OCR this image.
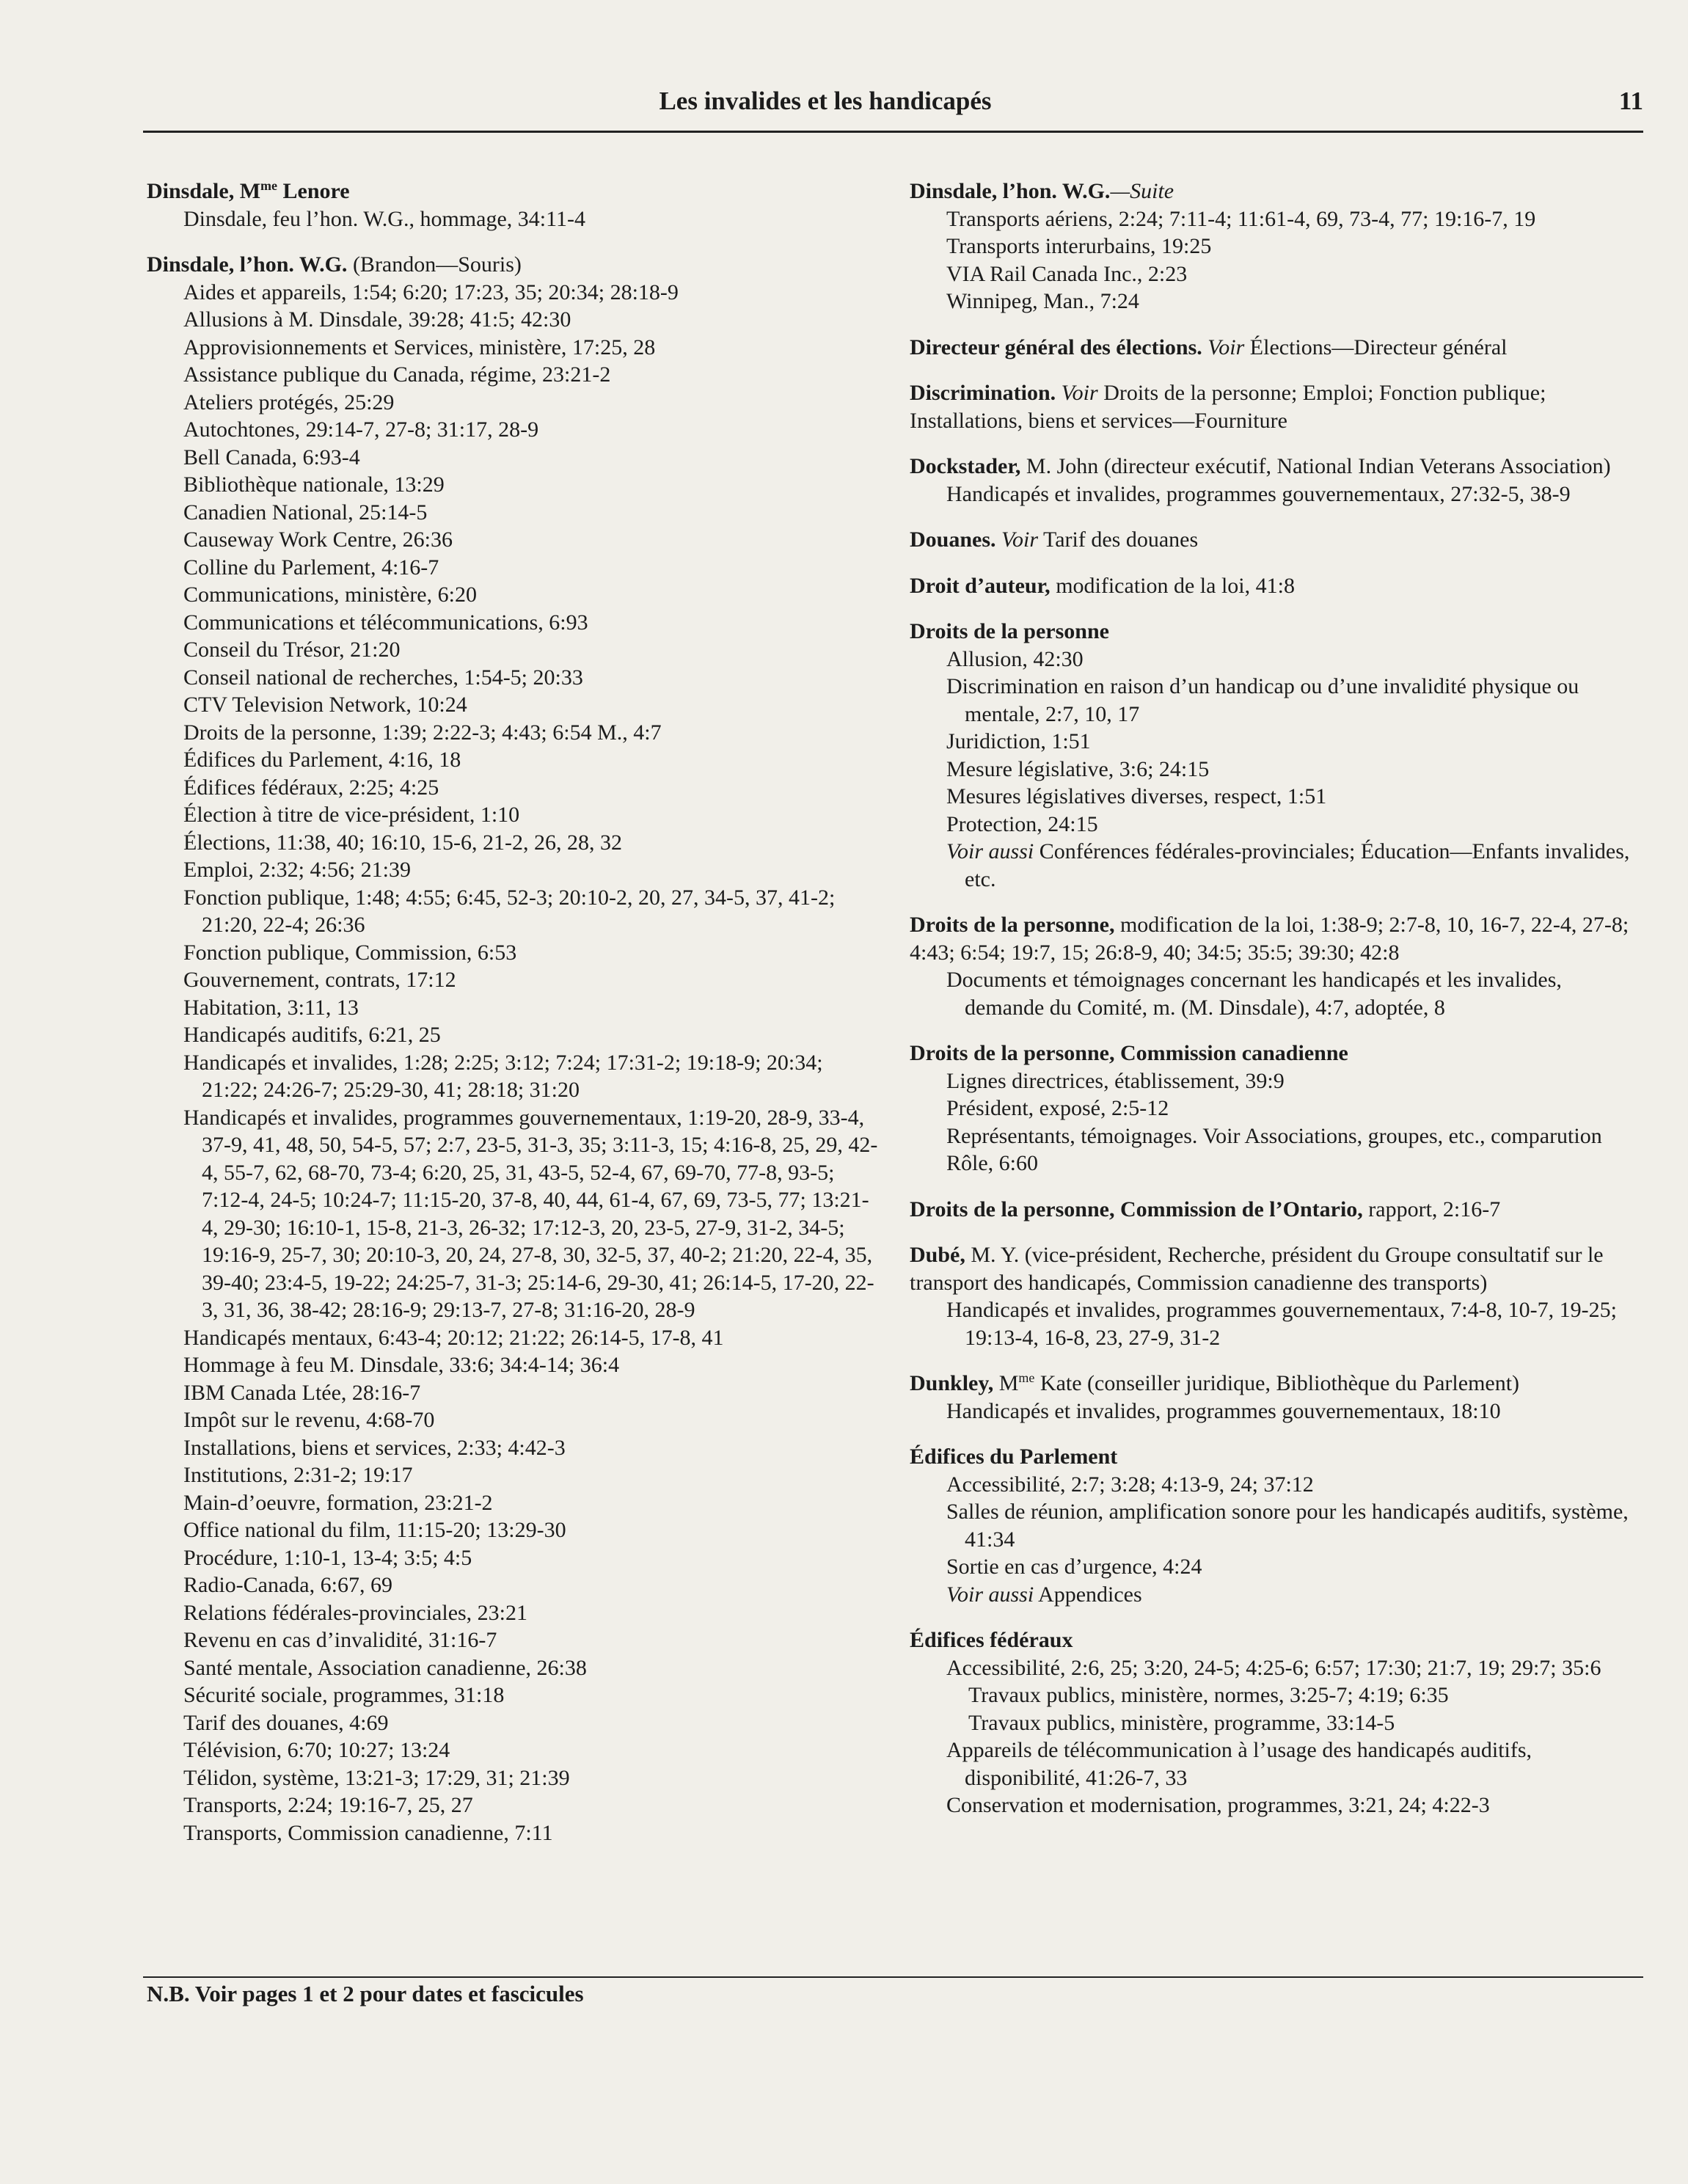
Les invalides et les handicapés	11
Dinsdale, $M^{me}$ Lenore
Dinsdale, feu l’hon. W.G., hommage, 34:11-4
Dinsdale, l’hon. W.G. (Brandon—Souris)
Aides et appareils, 1:54; 6:20; 17:23, 35; 20:34; 28:18-9
Allusions à M. Dinsdale, 39:28; 41:5; 42:30
Approvisionnements et Services, ministère, 17:25, 28
Assistance publique du Canada, régime, 23:21-2
Ateliers protégés, 25:29
Autochtones, 29:14-7, 27-8; 31:17, 28-9
Bell Canada, 6:93-4
Bibliothèque nationale, 13:29
Canadien National, 25:14-5
Causeway Work Centre, 26:36
Colline du Parlement, 4:16-7
Communications, ministère, 6:20
Communications et télécommunications, 6:93
Conseil du Trésor, 21:20
Conseil national de recherches, 1:54-5; 20:33
CTV Television Network, 10:24
Droits de la personne, 1:39; 2:22-3; 4:43; 6:54 M., 4:7
Édifices du Parlement, 4:16, 18
Édifices fédéraux, 2:25; 4:25
Élection à titre de vice-président, 1:10
Élections, 11:38, 40; 16:10, 15-6, 21-2, 26, 28, 32
Emploi, 2:32; 4:56; 21:39
Fonction publique, 1:48; 4:55; 6:45, 52-3; 20:10-2, 20, 27, 34-5, 37, 41-2; 21:20, 22-4; 26:36
Fonction publique, Commission, 6:53
Gouvernement, contrats, 17:12
Habitation, 3:11, 13
Handicapés auditifs, 6:21, 25
Handicapés et invalides, 1:28; 2:25; 3:12; 7:24; 17:31-2; 19:18-9; 20:34; 21:22; 24:26-7; 25:29-30, 41; 28:18; 31:20
Handicapés et invalides, programmes gouvernementaux, 1:19-20, 28-9, 33-4, 37-9, 41, 48, 50, 54-5, 57; 2:7, 23-5, 31-3, 35; 3:11-3, 15; 4:16-8, 25, 29, 42-4, 55-7, 62, 68-70, 73-4; 6:20, 25, 31, 43-5, 52-4, 67, 69-70, 77-8, 93-5; 7:12-4, 24-5; 10:24-7; 11:15-20, 37-8, 40, 44, 61-4, 67, 69, 73-5, 77; 13:21-4, 29-30; 16:10-1, 15-8, 21-3, 26-32; 17:12-3, 20, 23-5, 27-9, 31-2, 34-5; 19:16-9, 25-7, 30; 20:10-3, 20, 24, 27-8, 30, 32-5, 37, 40-2; 21:20, 22-4, 35, 39-40; 23:4-5, 19-22; 24:25-7, 31-3; 25:14-6, 29-30, 41; 26:14-5, 17-20, 22-3, 31, 36, 38-42; 28:16-9; 29:13-7, 27-8; 31:16-20, 28-9
Handicapés mentaux, 6:43-4; 20:12; 21:22; 26:14-5, 17-8, 41
Hommage à feu M. Dinsdale, 33:6; 34:4-14; 36:4
IBM Canada Ltée, 28:16-7
Impôt sur le revenu, 4:68-70
Installations, biens et services, 2:33; 4:42-3
Institutions, 2:31-2; 19:17
Main-d’oeuvre, formation, 23:21-2
Office national du film, 11:15-20; 13:29-30
Procédure, 1:10-1, 13-4; 3:5; 4:5
Radio-Canada, 6:67, 69
Relations fédérales-provinciales, 23:21
Revenu en cas d’invalidité, 31:16-7
Santé mentale, Association canadienne, 26:38
Sécurité sociale, programmes, 31:18
Tarif des douanes, 4:69
Télévision, 6:70; 10:27; 13:24
Télidon, système, 13:21-3; 17:29, 31; 21:39
Transports, 2:24; 19:16-7, 25, 27
Transports, Commission canadienne, 7:11
Dinsdale, l’hon. W.G.—Suite
Transports aériens, 2:24; 7:11-4; 11:61-4, 69, 73-4, 77; 19:16-7, 19
Transports interurbains, 19:25
VIA Rail Canada Inc., 2:23
Winnipeg, Man., 7:24
Directeur général des élections. Voir Élections—Directeur général
Discrimination. Voir Droits de la personne; Emploi; Fonction publique; Installations, biens et services—Fourniture
Dockstader, M. John (directeur exécutif, National Indian Veterans Association)
Handicapés et invalides, programmes gouvernementaux, 27:32-5, 38-9
Douanes. Voir Tarif des douanes
Droit d’auteur, modification de la loi, 41:8
Droits de la personne
Allusion, 42:30
Discrimination en raison d’un handicap ou d’une invalidité physique ou mentale, 2:7, 10, 17
Juridiction, 1:51
Mesure législative, 3:6; 24:15
Mesures législatives diverses, respect, 1:51
Protection, 24:15
Voir aussi Conférences fédérales-provinciales; Éducation—Enfants invalides, etc.
Droits de la personne, modification de la loi, 1:38-9; 2:7-8, 10, 16-7, 22-4, 27-8; 4:43; 6:54; 19:7, 15; 26:8-9, 40; 34:5; 35:5; 39:30; 42:8
Documents et témoignages concernant les handicapés et les invalides, demande du Comité, m. (M. Dinsdale), 4:7, adoptée, 8
Droits de la personne, Commission canadienne
Lignes directrices, établissement, 39:9
Président, exposé, 2:5-12
Représentants, témoignages. Voir Associations, groupes, etc., comparution
Rôle, 6:60
Droits de la personne, Commission de l’Ontario, rapport, 2:16-7
Dubé, M. Y. (vice-président, Recherche, président du Groupe consultatif sur le transport des handicapés, Commission canadienne des transports)
Handicapés et invalides, programmes gouvernementaux, 7:4-8, 10-7, 19-25; 19:13-4, 16-8, 23, 27-9, 31-2
Dunkley, $M^{me}$ Kate (conseiller juridique, Bibliothèque du Parlement)
Handicapés et invalides, programmes gouvernementaux, 18:10
Édifices du Parlement
Accessibilité, 2:7; 3:28; 4:13-9, 24; 37:12
Salles de réunion, amplification sonore pour les handicapés auditifs, système, 41:34
Sortie en cas d’urgence, 4:24
Voir aussi Appendices
Édifices fédéraux
Accessibilité, 2:6, 25; 3:20, 24-5; 4:25-6; 6:57; 17:30; 21:7, 19; 29:7; 35:6
Travaux publics, ministère, normes, 3:25-7; 4:19; 6:35
Travaux publics, ministère, programme, 33:14-5
Appareils de télécommunication à l’usage des handicapés auditifs, disponibilité, 41:26-7, 33
Conservation et modernisation, programmes, 3:21, 24; 4:22-3
N.B. Voir pages 1 et 2 pour dates et fascicules
